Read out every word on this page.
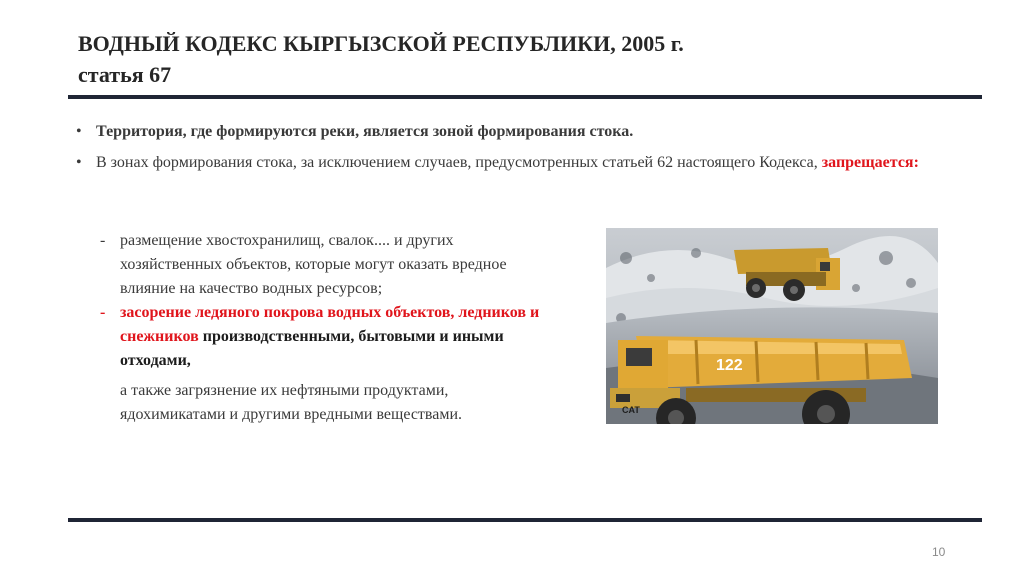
ВОДНЫЙ КОДЕКС КЫРГЫЗСКОЙ РЕСПУБЛИКИ, 2005 г.
статья 67
• Территория, где формируются реки, является зоной формирования стока.
• В зонах формирования стока, за исключением случаев, предусмотренных статьей 62 настоящего Кодекса, запрещается:
- размещение хвостохранилищ, свалок.... и других хозяйственных объектов, которые могут оказать вредное влияние на качество водных ресурсов;
- засорение ледяного покрова водных объектов, ледников и снежников производственными, бытовыми и иными отходами,
а также загрязнение их нефтяными продуктами, ядохимикатами и другими вредными веществами.	CAT
122
10
